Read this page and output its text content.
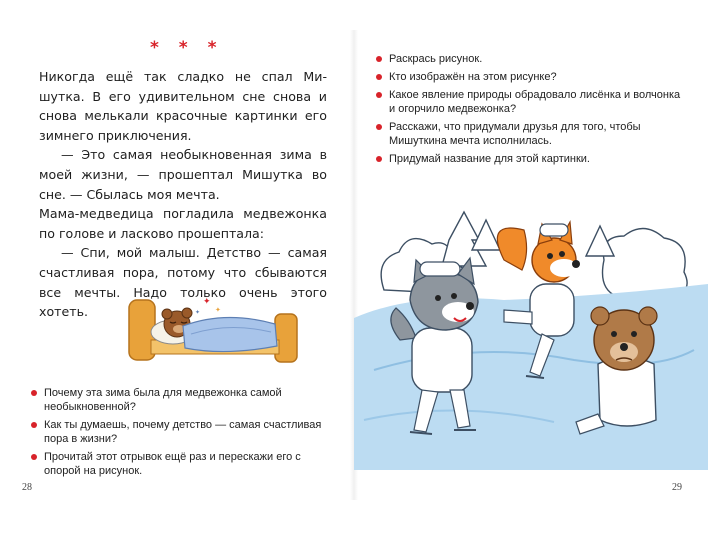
* * *

Никогда ещё так сладко не спал Мишутка. В его удивительном сне снова и снова мелькали красочные картинки его зимнего приключения.

— Это самая необыкновенная зима в моей жизни, — прошептал Мишутка во сне. — Сбылась моя мечта.

Мама-медведица погладила медвежонка по голове и ласково прошептала:

— Спи, мой малыш. Детство — самая счастливая пора, потому что сбываются все мечты. Надо только очень этого хотеть.

✦
✦
✦
Почему эта зима была для медвежонка самой необыкновенной?
Как ты думаешь, почему детство — самая счастливая пора в жизни?
Прочитай этот отрывок ещё раз и перескажи его с опорой на рисунок.
28
Раскрась рисунок.
Кто изображён на этом рисунке?
Какое явление природы обрадовало лисёнка и волчонка и огорчило медвежонка?
Расскажи, что придумали друзья для того, чтобы Мишуткина мечта исполнилась.
Придумай название для этой картинки.
29
